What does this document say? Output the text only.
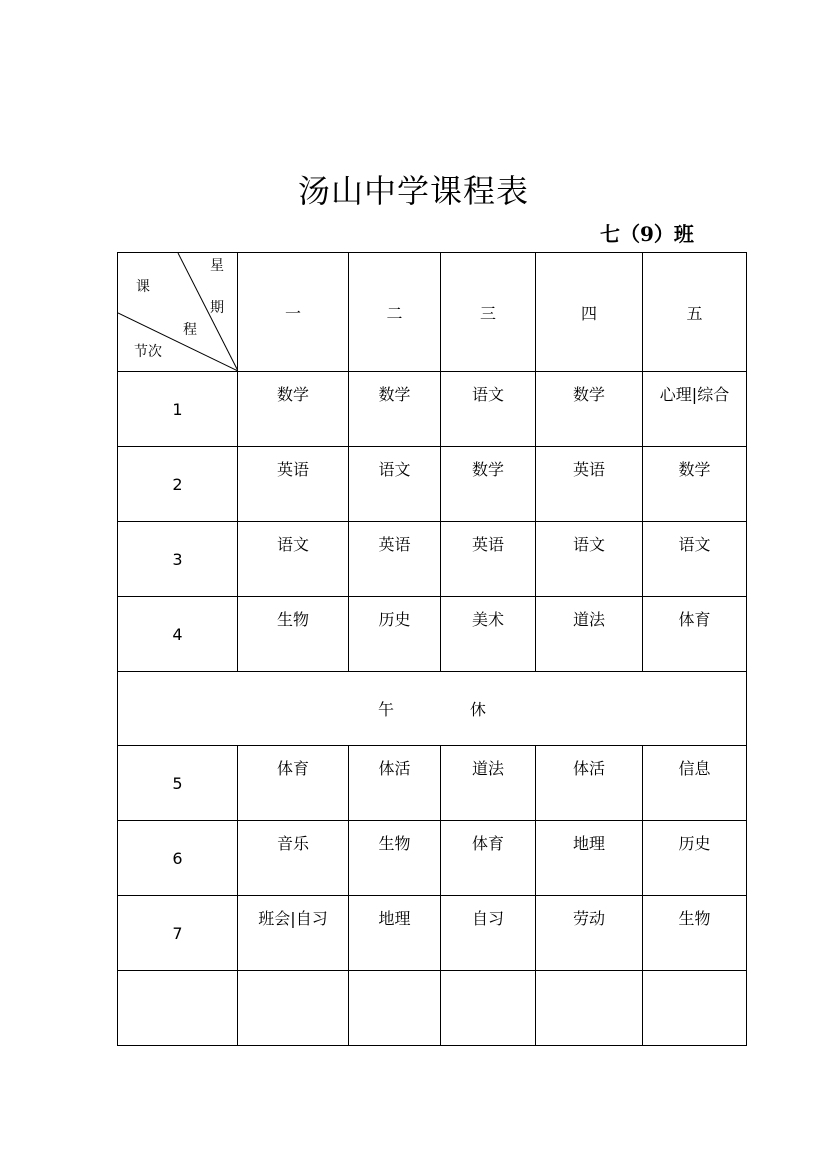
汤山中学课程表
七（9）班
课
程
节次
星
期	一	二	三	四	五
1	数学	数学	语文	数学	心理|综合
2	英语	语文	数学	英语	数学
3	语文	英语	英语	语文	语文
4	生物	历史	美术	道法	体育
午 休					
5	体育	体活	道法	体活	信息
6	音乐	生物	体育	地理	历史
7	班会|自习	地理	自习	劳动	生物
